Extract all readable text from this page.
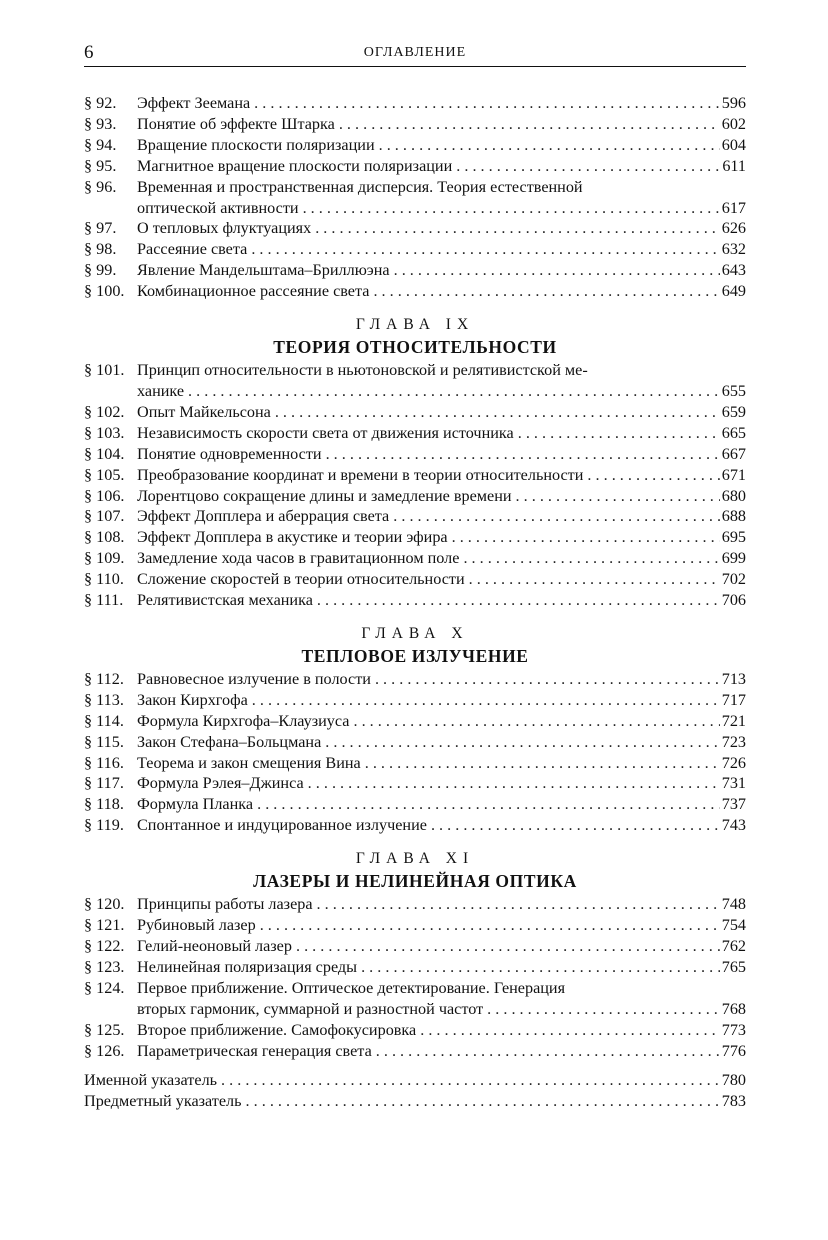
6	ОГЛАВЛЕНИЕ
§ 92.	Эффект Зеемана . . .	596
§ 93.	Понятие об эффекте Штарка . . .	602
§ 94.	Вращение плоскости поляризации . . .	604
§ 95.	Магнитное вращение плоскости поляризации . . .	611
§ 96.	Временная и пространственная дисперсия. Теория естественной
оптической активности . . .	617
§ 97.	О тепловых флуктуациях . . .	626
§ 98.	Рассеяние света . . .	632
§ 99.	Явление Мандельштама–Бриллюэна . . .	643
§ 100. Комбинационное рассеяние света . . .	649
ГЛАВА IX
ТЕОРИЯ ОТНОСИТЕЛЬНОСТИ
§ 101. Принцип относительности в ньютоновской и релятивистской ме-
ханике . . .	655
§ 102. Опыт Майкельсона . . .	659
§ 103. Независимость скорости света от движения источника . . .	665
§ 104. Понятие одновременности . . .	667
§ 105. Преобразование координат и времени в теории относительности . . .	671
§ 106. Лорентцово сокращение длины и замедление времени . . .	680
§ 107. Эффект Допплера и аберрация света . . .	688
§ 108. Эффект Допплера в акустике и теории эфира . . .	695
§ 109. Замедление хода часов в гравитационном поле . . .	699
§ 110. Сложение скоростей в теории относительности . . .	702
§ 111. Релятивистская механика . . .	706
ГЛАВА X
ТЕПЛОВОЕ ИЗЛУЧЕНИЕ
§ 112. Равновесное излучение в полости . . .	713
§ 113. Закон Кирхгофа . . .	717
§ 114. Формула Кирхгофа–Клаузиуса . . .	721
§ 115. Закон Стефана–Больцмана . . .	723
§ 116. Теорема и закон смещения Вина . . .	726
§ 117. Формула Рэлея–Джинса . . .	731
§ 118. Формула Планка . . .	737
§ 119. Спонтанное и индуцированное излучение . . .	743
ГЛАВА XI
ЛАЗЕРЫ И НЕЛИНЕЙНАЯ ОПТИКА
§ 120. Принципы работы лазера . . .	748
§ 121. Рубиновый лазер . . .	754
§ 122. Гелий-неоновый лазер . . .	762
§ 123. Нелинейная поляризация среды . . .	765
§ 124. Первое приближение. Оптическое детектирование. Генерация
вторых гармоник, суммарной и разностной частот . . .	768
§ 125. Второе приближение. Самофокусировка . . .	773
§ 126. Параметрическая генерация света . . .	776
Именной указатель . . .	780
Предметный указатель . . .	783
